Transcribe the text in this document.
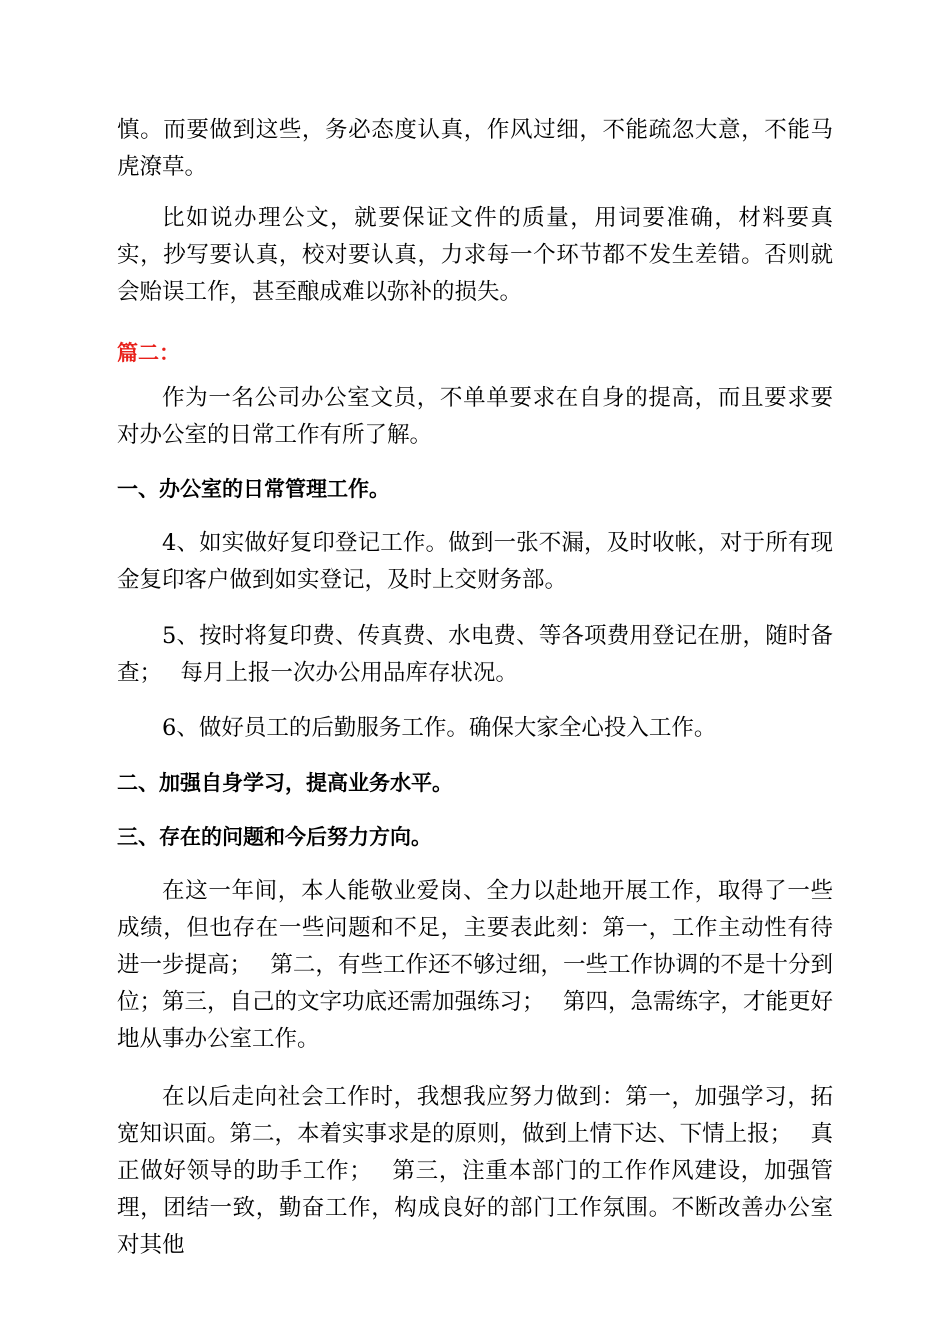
慎。而要做到这些，务必态度认真，作风过细，不能疏忽大意，不能马虎潦草。

比如说办理公文，就要保证文件的质量，用词要准确，材料要真实，抄写要认真，校对要认真，力求每一个环节都不发生差错。否则就会贻误工作，甚至酿成难以弥补的损失。

篇二：

作为一名公司办公室文员，不单单要求在自身的提高，而且要求要对办公室的日常工作有所了解。

一、办公室的日常管理工作。

4、如实做好复印登记工作。做到一张不漏，及时收帐，对于所有现金复印客户做到如实登记，及时上交财务部。

5、按时将复印费、传真费、水电费、等各项费用登记在册，随时备查；　 每月上报一次办公用品库存状况。

6、做好员工的后勤服务工作。确保大家全心投入工作。

二、加强自身学习，提高业务水平。

三、存在的问题和今后努力方向。

在这一年间，本人能敬业爱岗、全力以赴地开展工作，取得了一些成绩，但也存在一些问题和不足，主要表此刻：第一，工作主动性有待进一步提高；　 第二，有些工作还不够过细，一些工作协调的不是十分到位；第三，自己的文字功底还需加强练习；　 第四，急需练字，才能更好地从事办公室工作。

在以后走向社会工作时，我想我应努力做到：第一，加强学习，拓宽知识面。第二，本着实事求是的原则，做到上情下达、下情上报；　 真正做好领导的助手工作；　 第三，注重本部门的工作作风建设，加强管理，团结一致，勤奋工作，构成良好的部门工作氛围。不断改善办公室对其他
